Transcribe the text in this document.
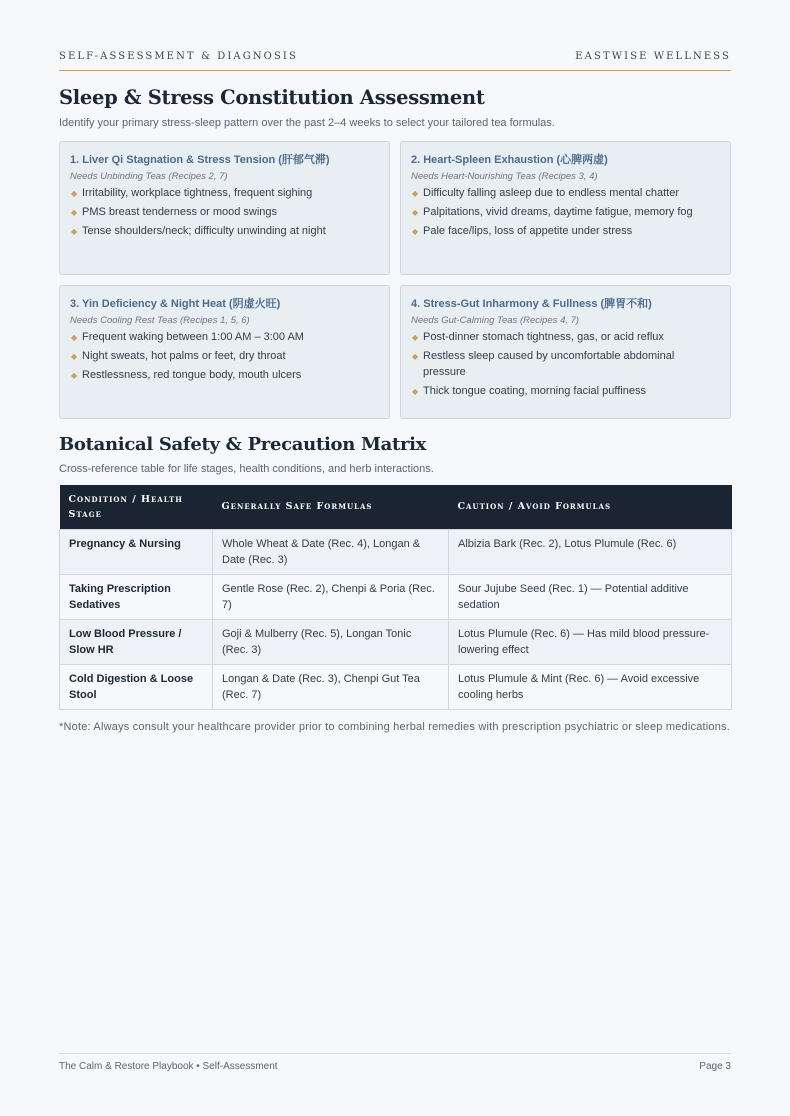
SELF-ASSESSMENT & DIAGNOSIS	EASTWISE WELLNESS
Sleep & Stress Constitution Assessment
Identify your primary stress-sleep pattern over the past 2–4 weeks to select your tailored tea formulas.
1. Liver Qi Stagnation & Stress Tension (肝郁气滞)
Needs Unbinding Teas (Recipes 2, 7)
◆ Irritability, workplace tightness, frequent sighing
◆ PMS breast tenderness or mood swings
◆ Tense shoulders/neck; difficulty unwinding at night
2. Heart-Spleen Exhaustion (心脾两虚)
Needs Heart-Nourishing Teas (Recipes 3, 4)
◆ Difficulty falling asleep due to endless mental chatter
◆ Palpitations, vivid dreams, daytime fatigue, memory fog
◆ Pale face/lips, loss of appetite under stress
3. Yin Deficiency & Night Heat (阴虚火旺)
Needs Cooling Rest Teas (Recipes 1, 5, 6)
◆ Frequent waking between 1:00 AM – 3:00 AM
◆ Night sweats, hot palms or feet, dry throat
◆ Restlessness, red tongue body, mouth ulcers
4. Stress-Gut Inharmony & Fullness (脾胃不和)
Needs Gut-Calming Teas (Recipes 4, 7)
◆ Post-dinner stomach tightness, gas, or acid reflux
◆ Restless sleep caused by uncomfortable abdominal pressure
◆ Thick tongue coating, morning facial puffiness
Botanical Safety & Precaution Matrix
Cross-reference table for life stages, health conditions, and herb interactions.
Condition / Health Stage	Generally Safe Formulas	Caution / Avoid Formulas
Pregnancy & Nursing	Whole Wheat & Date (Rec. 4), Longan & Date (Rec. 3)	Albizia Bark (Rec. 2), Lotus Plumule (Rec. 6)
Taking Prescription Sedatives	Gentle Rose (Rec. 2), Chenpi & Poria (Rec. 7)	Sour Jujube Seed (Rec. 1) — Potential additive sedation
Low Blood Pressure / Slow HR	Goji & Mulberry (Rec. 5), Longan Tonic (Rec. 3)	Lotus Plumule (Rec. 6) — Has mild blood pressure-lowering effect
Cold Digestion & Loose Stool	Longan & Date (Rec. 3), Chenpi Gut Tea (Rec. 7)	Lotus Plumule & Mint (Rec. 6) — Avoid excessive cooling herbs
*Note: Always consult your healthcare provider prior to combining herbal remedies with prescription psychiatric or sleep medications.
The Calm & Restore Playbook • Self-Assessment	Page 3
